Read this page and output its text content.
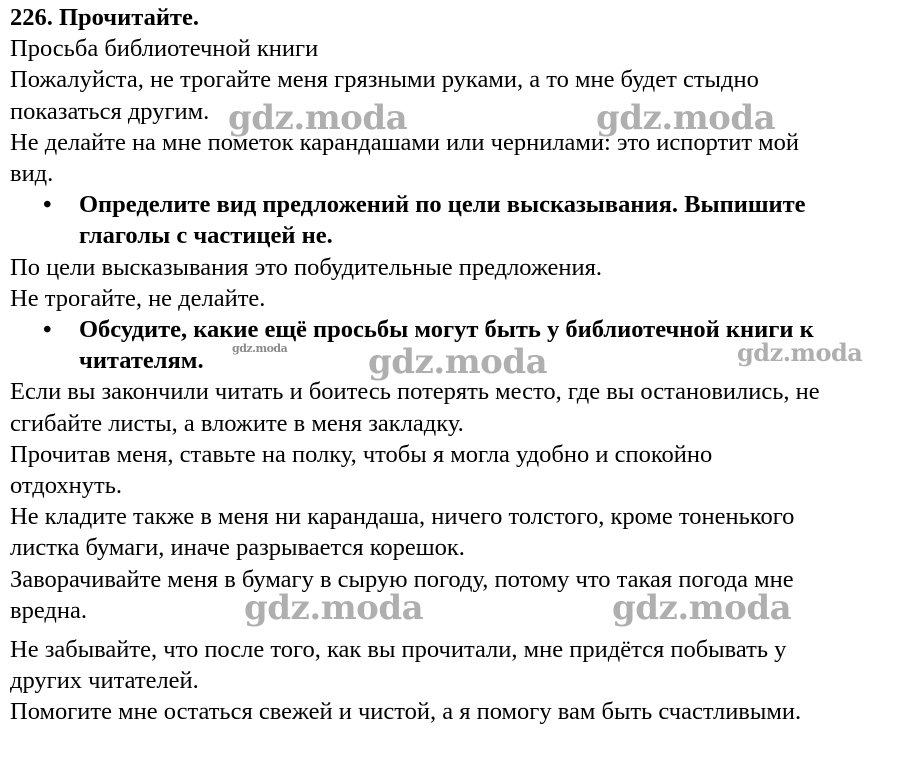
226. Прочитайте.
Просьба библиотечной книги
Пожалуйста, не трогайте меня грязными руками, а то мне будет стыдно
показаться другим.
Не делайте на мне пометок карандашами или чернилами: это испортит мой
вид.
• Определите вид предложений по цели высказывания. Выпишите
глаголы с частицей не.
По цели высказывания это побудительные предложения.
Не трогайте, не делайте.
• Обсудите, какие ещё просьбы могут быть у библиотечной книги к
читателям.
Если вы закончили читать и боитесь потерять место, где вы остановились, не
сгибайте листы, а вложите в меня закладку.
Прочитав меня, ставьте на полку, чтобы я могла удобно и спокойно
отдохнуть.
Не кладите также в меня ни карандаша, ничего толстого, кроме тоненького
листка бумаги, иначе разрывается корешок.
Заворачивайте меня в бумагу в сырую погоду, потому что такая погода мне
вредна.
Не забывайте, что после того, как вы прочитали, мне придётся побывать у
других читателей.
Помогите мне остаться свежей и чистой, а я помогу вам быть счастливыми.
gdz.moda	gdz.moda
gdz.moda gdz.moda	gdz.moda
gdz.moda	gdz.moda
